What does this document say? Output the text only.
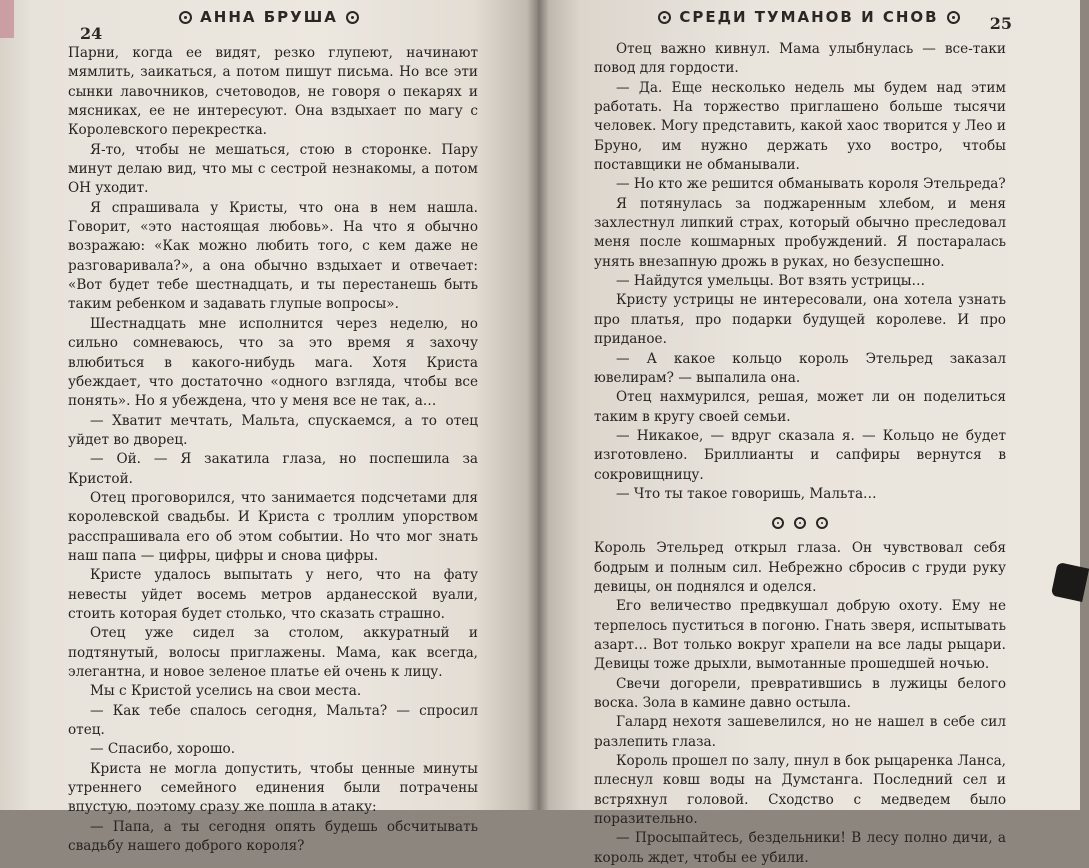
АННА БРУША
24

Парни, когда ее видят, резко глупеют, начинают мямлить, заикаться, а потом пишут письма. Но все эти сынки лавочников, счетоводов, не говоря о пекарях и мясниках, ее не интересуют. Она вздыхает по магу с Королевского перекрестка.

Я-то, чтобы не мешаться, стою в сторонке. Пару минут делаю вид, что мы с сестрой незнакомы, а потом ОН уходит.

Я спрашивала у Кристы, что она в нем нашла. Говорит, «это настоящая любовь». На что я обычно возражаю: «Как можно любить того, с кем даже не разговаривала?», а она обычно вздыхает и отвечает: «Вот будет тебе шестнадцать, и ты перестанешь быть таким ребенком и задавать глупые вопросы».

Шестнадцать мне исполнится через неделю, но сильно сомневаюсь, что за это время я захочу влюбиться в какого-нибудь мага. Хотя Криста убеждает, что достаточно «одного взгляда, чтобы все понять». Но я убеждена, что у меня все не так, а…

— Хватит мечтать, Мальта, спускаемся, а то отец уйдет во дворец.

— Ой. — Я закатила глаза, но поспешила за Кристой.

Отец проговорился, что занимается подсчетами для королевской свадьбы. И Криста с троллим упорством расспрашивала его об этом событии. Но что мог знать наш папа — цифры, цифры и снова цифры.

Кристе удалось выпытать у него, что на фату невесты уйдет восемь метров арданесской вуали, стоить которая будет столько, что сказать страшно.

Отец уже сидел за столом, аккуратный и подтянутый, волосы приглажены. Мама, как всегда, элегантна, и новое зеленое платье ей очень к лицу.

Мы с Кристой уселись на свои места.

— Как тебе спалось сегодня, Мальта? — спросил отец.

— Спасибо, хорошо.

Криста не могла допустить, чтобы ценные минуты утреннего семейного единения были потрачены впустую, поэтому сразу же пошла в атаку:

— Папа, а ты сегодня опять будешь обсчитывать свадьбу нашего доброго короля?

СРЕДИ ТУМАНОВ И СНОВ	25

Отец важно кивнул. Мама улыбнулась — все-таки повод для гордости.

— Да. Еще несколько недель мы будем над этим работать. На торжество приглашено больше тысячи человек. Могу представить, какой хаос творится у Лео и Бруно, им нужно держать ухо востро, чтобы поставщики не обманывали.

— Но кто же решится обманывать короля Этельреда?

Я потянулась за поджаренным хлебом, и меня захлестнул липкий страх, который обычно преследовал меня после кошмарных пробуждений. Я постаралась унять внезапную дрожь в руках, но безуспешно.

— Найдутся умельцы. Вот взять устрицы…

Кристу устрицы не интересовали, она хотела узнать про платья, про подарки будущей королеве. И про приданое.

— А какое кольцо король Этельред заказал ювелирам? — выпалила она.

Отец нахмурился, решая, может ли он поделиться таким в кругу своей семьи.

— Никакое, — вдруг сказала я. — Кольцо не будет изготовлено. Бриллианты и сапфиры вернутся в сокровищницу.

— Что ты такое говоришь, Мальта…

Король Этельред открыл глаза. Он чувствовал себя бодрым и полным сил. Небрежно сбросив с груди руку девицы, он поднялся и оделся.

Его величество предвкушал добрую охоту. Ему не терпелось пуститься в погоню. Гнать зверя, испытывать азарт… Вот только вокруг храпели на все лады рыцари. Девицы тоже дрыхли, вымотанные прошедшей ночью.

Свечи догорели, превратившись в лужицы белого воска. Зола в камине давно остыла.

Галард нехотя зашевелился, но не нашел в себе сил разлепить глаза.

Король прошел по залу, пнул в бок рыцаренка Ланса, плеснул ковш воды на Думстанга. Последний сел и встряхнул головой. Сходство с медведем было поразительно.

— Просыпайтесь, бездельники! В лесу полно дичи, а король ждет, чтобы ее убили.
